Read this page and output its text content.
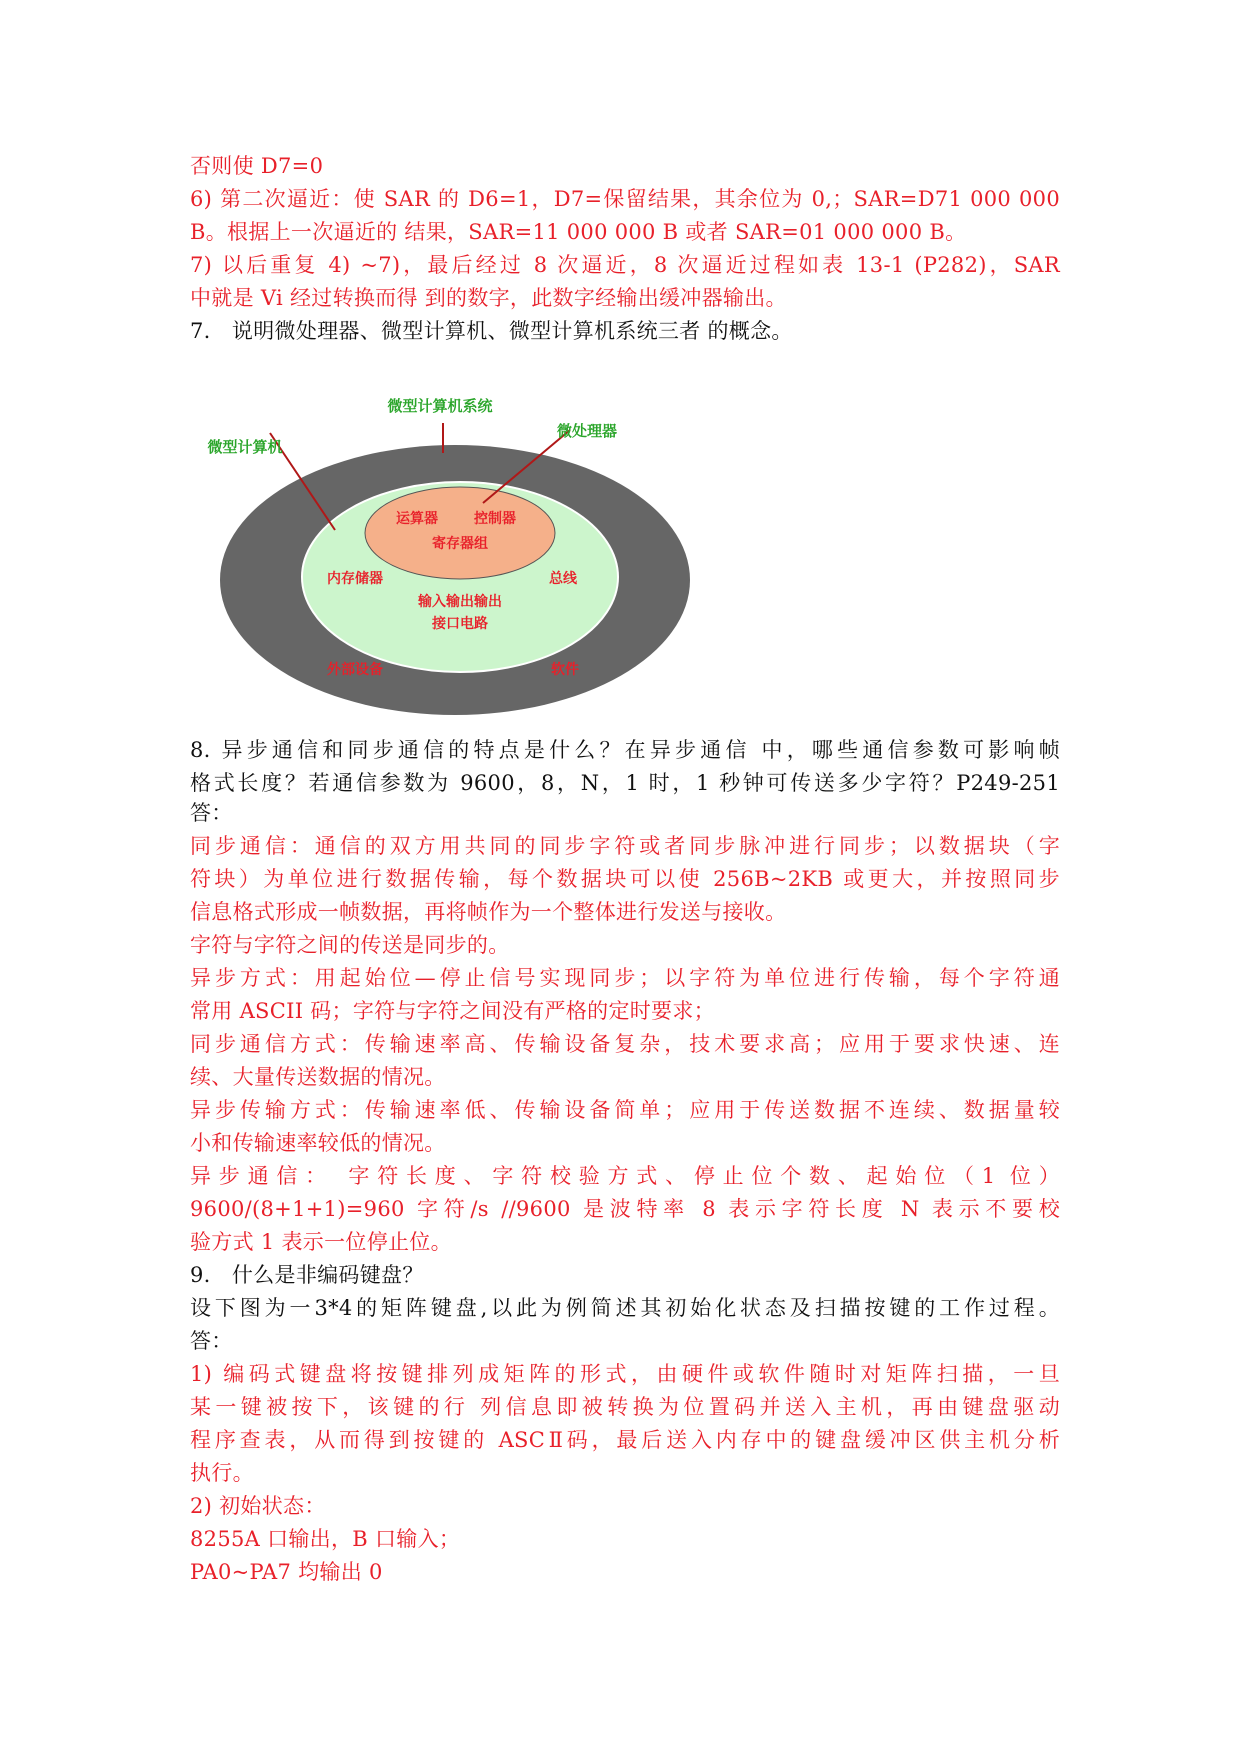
否则使 D7=0
6) 第二次逼近：使 SAR 的 D6=1，D7=保留结果，其余位为 0,；SAR=D71 000 000
B。根据上一次逼近的 结果，SAR=11 000 000 B 或者 SAR=01 000 000 B。
7) 以后重复 4) ~7)，最后经过 8 次逼近，8 次逼近过程如表 13-1 (P282)，SAR
中就是 Vi 经过转换而得 到的数字，此数字经输出缓冲器输出。
7.　说明微处理器、微型计算机、微型计算机系统三者 的概念。
微型计算机系统
微型计算机
微处理器
运算器	控制器
寄存器组
内存储器	总线
输入输出输出
接口电路
外部设备	软件
8. 异步通信和同步通信的特点是什么？在异步通信 中，哪些通信参数可影响帧
格式长度？若通信参数为 9600，8，N，1 时，1 秒钟可传送多少字符？P249-251
答：
同步通信：通信的双方用共同的同步字符或者同步脉冲进行同步；以数据块（字
符块）为单位进行数据传输，每个数据块可以使 256B~2KB 或更大，并按照同步
信息格式形成一帧数据，再将帧作为一个整体进行发送与接收。
字符与字符之间的传送是同步的。
异步方式：用起始位—停止信号实现同步；以字符为单位进行传输，每个字符通
常用 ASCII 码；字符与字符之间没有严格的定时要求；
同步通信方式：传输速率高、传输设备复杂，技术要求高；应用于要求快速、连
续、大量传送数据的情况。
异步传输方式：传输速率低、传输设备简单；应用于传送数据不连续、数据量较
小和传输速率较低的情况。
异步通信： 字符长度、字符校验方式、停止位个数、起始位（1 位）
9600/(8+1+1)=960 字符/s //9600 是波特率 8 表示字符长度 N 表示不要校
验方式 1 表示一位停止位。
9.　什么是非编码键盘？
设下图为一3*4的矩阵键盘,以此为例简述其初始化状态及扫描按键的工作过程。
答：
1) 编码式键盘将按键排列成矩阵的形式，由硬件或软件随时对矩阵扫描，一旦
某一键被按下，该键的行 列信息即被转换为位置码并送入主机，再由键盘驱动
程序查表，从而得到按键的 ASCⅡ码，最后送入内存中的键盘缓冲区供主机分析
执行。
2) 初始状态：
8255A 口输出，B 口输入；
PA0~PA7 均输出 0
